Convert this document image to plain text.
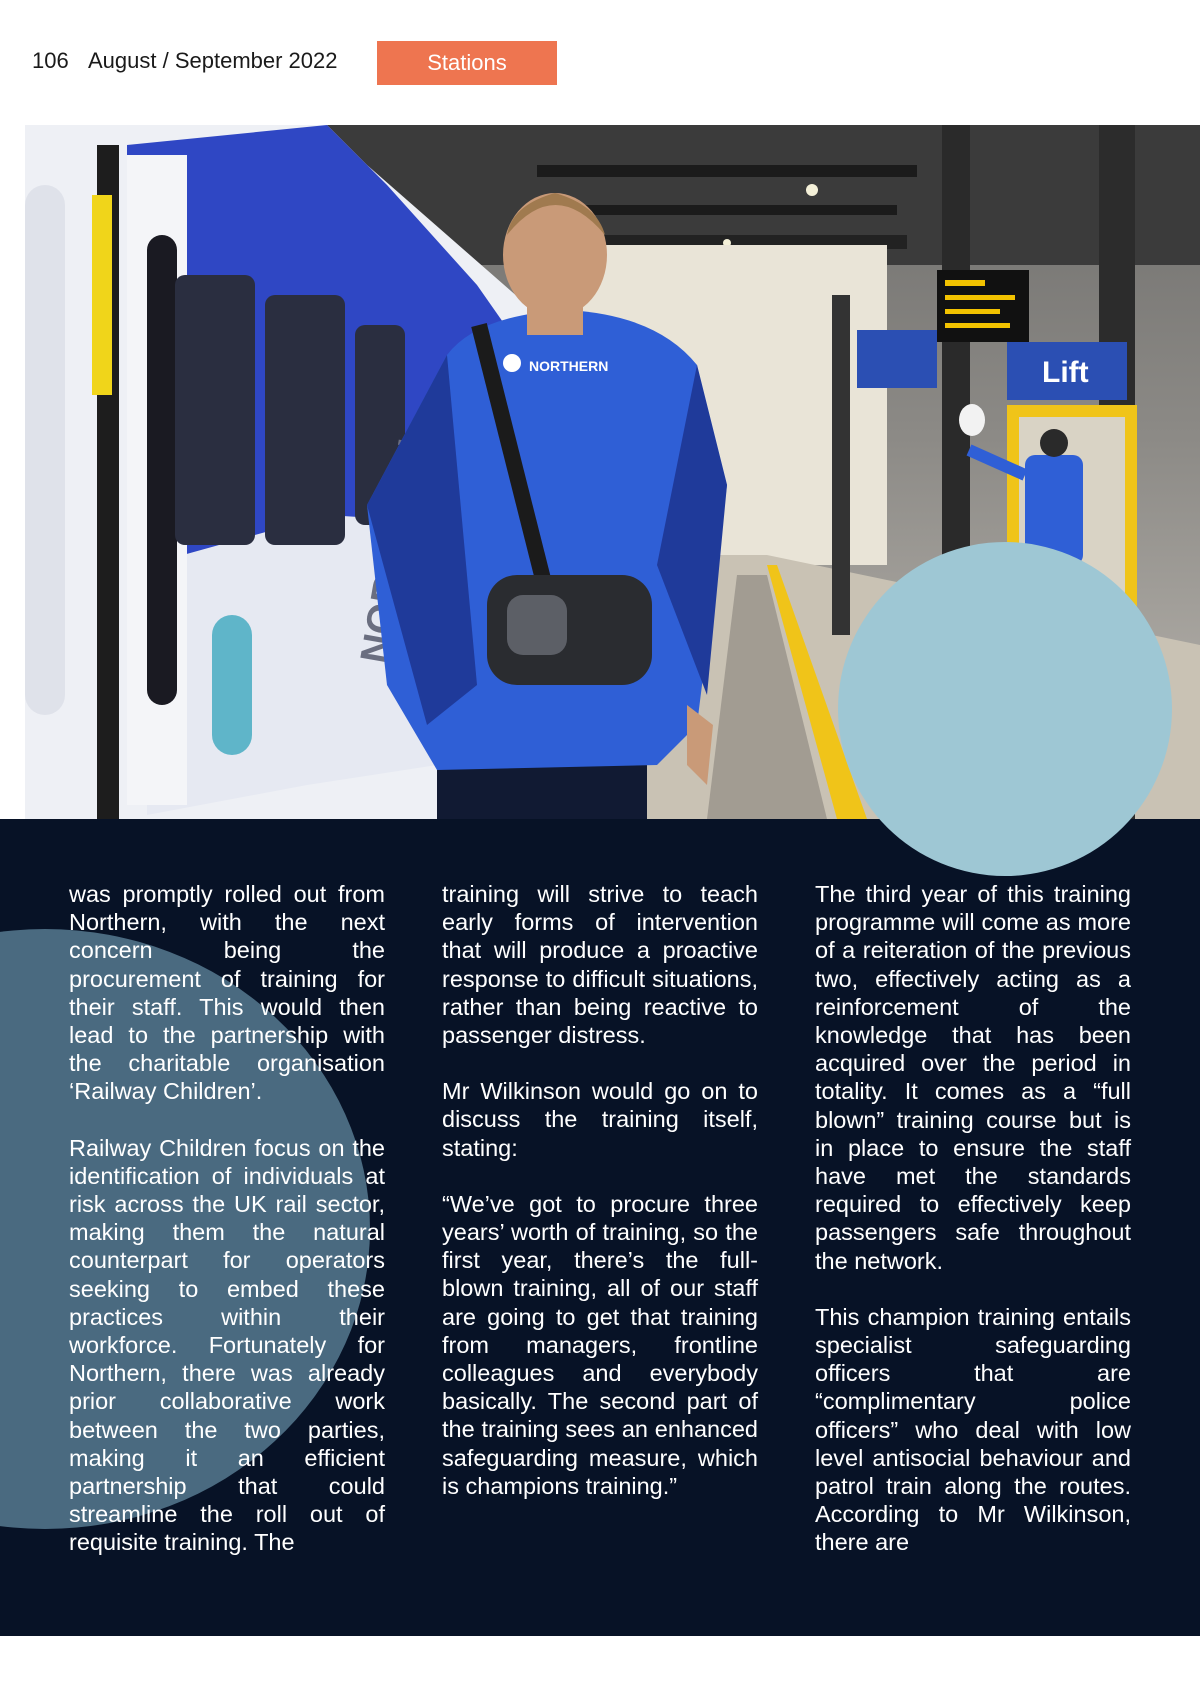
106 August / September 2022	Stations
Lift
NORTHERN

was promptly rolled out from Northern, with the next concern being the procurement of training for their staff. This would then lead to the partnership with the charitable organisation ‘Railway Children’.

Railway Children focus on the identification of individuals at risk across the UK rail sector, making them the natural counterpart for operators seeking to embed these practices within their workforce. Fortunately for Northern, there was already prior collaborative work between the two parties, making it an efficient partnership that could streamline the roll out of requisite training. The

training will strive to teach early forms of intervention that will produce a proactive response to difficult situations, rather than being reactive to passenger distress.

Mr Wilkinson would go on to discuss the training itself, stating:

“We’ve got to procure three years’ worth of training, so the first year, there’s the full-blown training, all of our staff are going to get that training from managers, frontline colleagues and everybody basically. The second part of the training sees an enhanced safeguarding measure, which is champions training.”

The third year of this training programme will come as more of a reiteration of the previous two, effectively acting as a reinforcement of the knowledge that has been acquired over the period in totality. It comes as a “full blown” training course but is in place to ensure the staff have met the standards required to effectively keep passengers safe throughout the network.

This champion training entails specialist safeguarding officers that are “complimentary police officers” who deal with low level antisocial behaviour and patrol train along the routes. According to Mr Wilkinson, there are
